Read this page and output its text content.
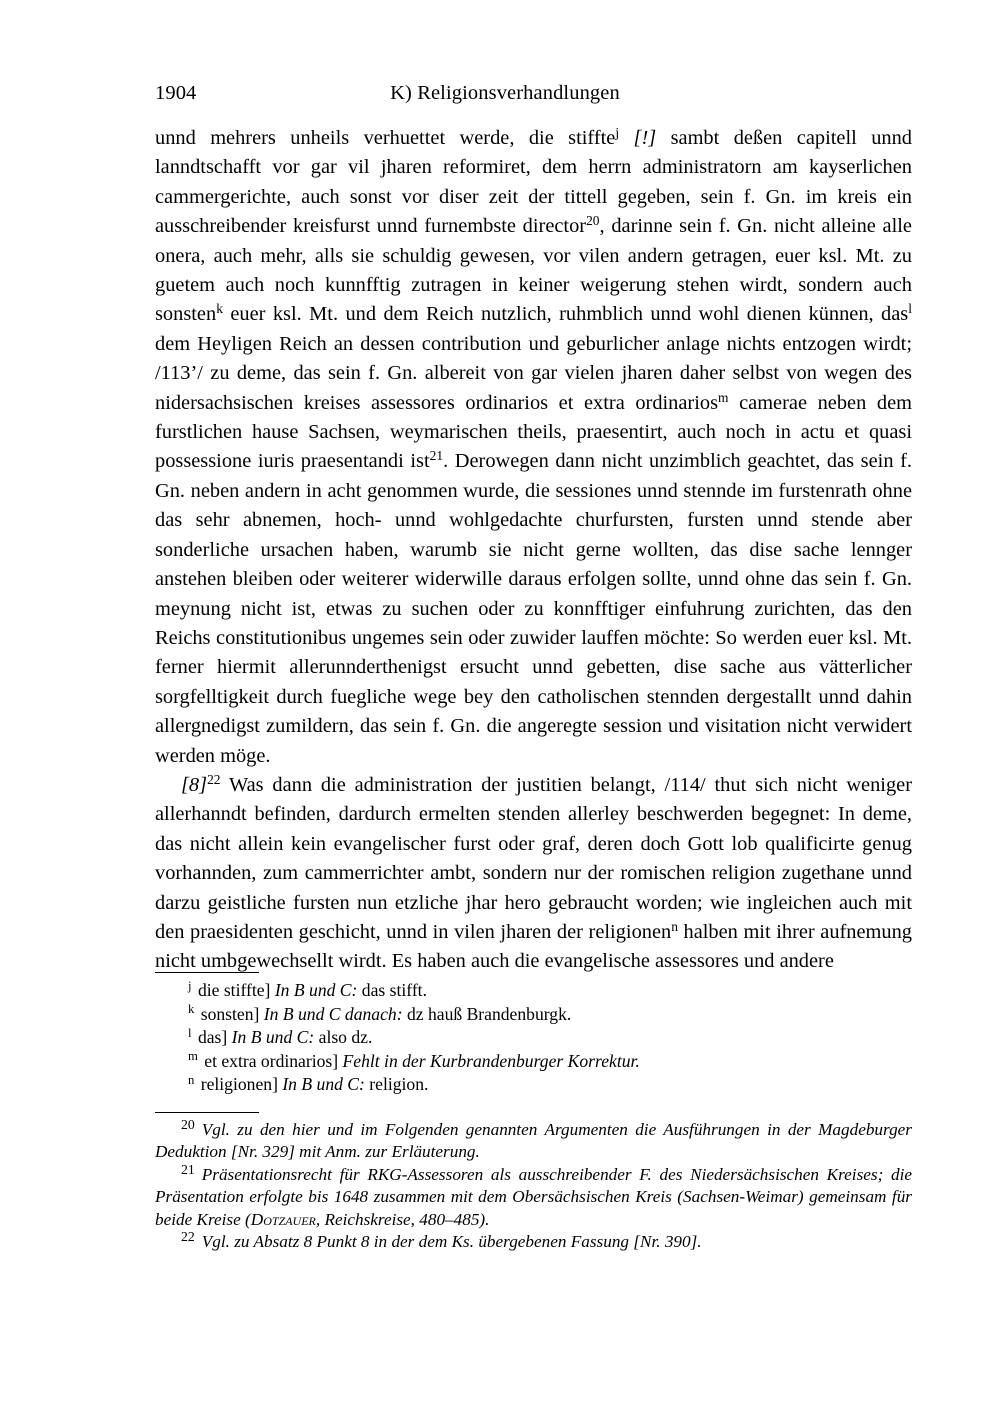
1904	K) Religionsverhandlungen

unnd mehrers unheils verhuettet werde, die stiffte$^j$ [!] sambt deßen capitell unnd lanndtschafft vor gar vil jharen reformiret, dem herrn administratorn am kayserlichen cammergerichte, auch sonst vor diser zeit der tittell gegeben, sein f. Gn. im kreis ein ausschreibender kreisfurst unnd furnembste director$^{20}$, darinne sein f. Gn. nicht alleine alle onera, auch mehr, alls sie schuldig gewesen, vor vilen andern getragen, euer ksl. Mt. zu guetem auch noch kunnfftig zutragen in keiner weigerung stehen wirdt, sondern auch sonsten$^k$ euer ksl. Mt. und dem Reich nutzlich, ruhmblich unnd wohl dienen künnen, das$^l$ dem Heyligen Reich an dessen contribution und geburlicher anlage nichts entzogen wirdt; /113’/ zu deme, das sein f. Gn. albereit von gar vielen jharen daher selbst von wegen des nidersachsischen kreises assessores ordinarios et extra ordinarios$^m$ camerae neben dem furstlichen hause Sachsen, weymarischen theils, praesentirt, auch noch in actu et quasi possessione iuris praesentandi ist$^{21}$. Derowegen dann nicht unzimblich geachtet, das sein f. Gn. neben andern in acht genommen wurde, die sessiones unnd stennde im furstenrath ohne das sehr abnemen, hoch- unnd wohlgedachte churfursten, fursten unnd stende aber sonderliche ursachen haben, warumb sie nicht gerne wollten, das dise sache lennger anstehen bleiben oder weiterer widerwille daraus erfolgen sollte, unnd ohne das sein f. Gn. meynung nicht ist, etwas zu suchen oder zu konnfftiger einfuhrung zurichten, das den Reichs constitutionibus ungemes sein oder zuwider lauffen möchte: So werden euer ksl. Mt. ferner hiermit allerunnderthenigst ersucht unnd gebetten, dise sache aus vätterlicher sorgfelltigkeit durch fuegliche wege bey den catholischen stennden dergestallt unnd dahin allergnedigst zumildern, das sein f. Gn. die angeregte session und visitation nicht verwidert werden möge.

[8]$^{22}$ Was dann die administration der justitien belangt, /114/ thut sich nicht weniger allerhanndt befinden, dardurch ermelten stenden allerley beschwerden begegnet: In deme, das nicht allein kein evangelischer furst oder graf, deren doch Gott lob qualificirte genug vorhannden, zum cammerrichter ambt, sondern nur der romischen religion zugethane unnd darzu geistliche fursten nun etzliche jhar hero gebraucht worden; wie ingleichen auch mit den praesidenten geschicht, unnd in vilen jharen der religionen$^n$ halben mit ihrer aufnemung nicht umbgewechsellt wirdt. Es haben auch die evangelische assessores und andere

$^j$ die stiffte] In B und C: das stifft.

$^k$ sonsten] In B und C danach: dz hauß Brandenburgk.

$^l$ das] In B und C: also dz.

$^m$ et extra ordinarios] Fehlt in der Kurbrandenburger Korrektur.

$^n$ religionen] In B und C: religion.

$^{20}$ Vgl. zu den hier und im Folgenden genannten Argumenten die Ausführungen in der Magdeburger Deduktion [Nr. 329] mit Anm. zur Erläuterung.

$^{21}$ Präsentationsrecht für RKG-Assessoren als ausschreibender F. des Niedersächsischen Kreises; die Präsentation erfolgte bis 1648 zusammen mit dem Obersächsischen Kreis (Sachsen-Weimar) gemeinsam für beide Kreise (Dotzauer, Reichskreise, 480–485).

$^{22}$ Vgl. zu Absatz 8 Punkt 8 in der dem Ks. übergebenen Fassung [Nr. 390].
